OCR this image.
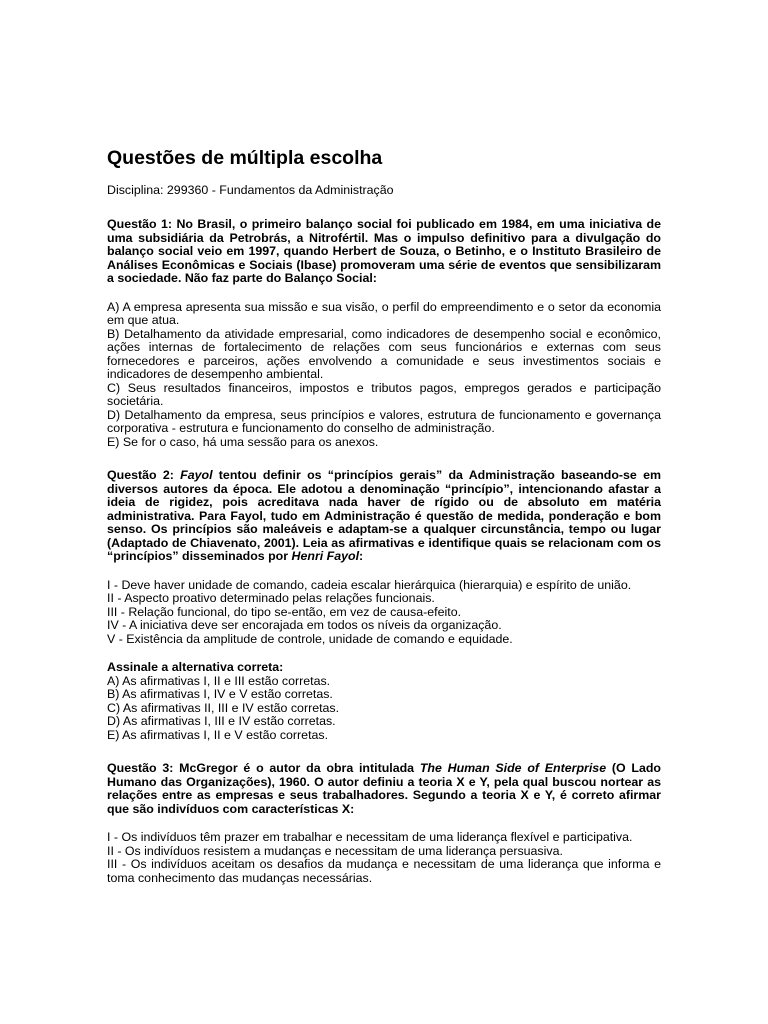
Questões de múltipla escolha

Disciplina: 299360 - Fundamentos da Administração

Questão 1: No Brasil, o primeiro balanço social foi publicado em 1984, em uma iniciativa de uma subsidiária da Petrobrás, a Nitrofértil. Mas o impulso definitivo para a divulgação do balanço social veio em 1997, quando Herbert de Souza, o Betinho, e o Instituto Brasileiro de Análises Econômicas e Sociais (Ibase) promoveram uma série de eventos que sensibilizaram a sociedade. Não faz parte do Balanço Social:

A) A empresa apresenta sua missão e sua visão, o perfil do empreendimento e o setor da economia em que atua.
B) Detalhamento da atividade empresarial, como indicadores de desempenho social e econômico, ações internas de fortalecimento de relações com seus funcionários e externas com seus fornecedores e parceiros, ações envolvendo a comunidade e seus investimentos sociais e indicadores de desempenho ambiental.
C) Seus resultados financeiros, impostos e tributos pagos, empregos gerados e participação societária.
D) Detalhamento da empresa, seus princípios e valores, estrutura de funcionamento e governança corporativa - estrutura e funcionamento do conselho de administração.
E) Se for o caso, há uma sessão para os anexos.

Questão 2: Fayol tentou definir os “princípios gerais” da Administração baseando-se em diversos autores da época. Ele adotou a denominação “princípio”, intencionando afastar a ideia de rigidez, pois acreditava nada haver de rígido ou de absoluto em matéria administrativa. Para Fayol, tudo em Administração é questão de medida, ponderação e bom senso. Os princípios são maleáveis e adaptam-se a qualquer circunstância, tempo ou lugar (Adaptado de Chiavenato, 2001). Leia as afirmativas e identifique quais se relacionam com os “princípios” disseminados por Henri Fayol:

I - Deve haver unidade de comando, cadeia escalar hierárquica (hierarquia) e espírito de união.
II - Aspecto proativo determinado pelas relações funcionais.
III - Relação funcional, do tipo se-então, em vez de causa-efeito.
IV - A iniciativa deve ser encorajada em todos os níveis da organização.
V - Existência da amplitude de controle, unidade de comando e equidade.

Assinale a alternativa correta:

A) As afirmativas I, II e III estão corretas.
B) As afirmativas I, IV e V estão corretas.
C) As afirmativas II, III e IV estão corretas.
D) As afirmativas I, III e IV estão corretas.
E) As afirmativas I, II e V estão corretas.

Questão 3: McGregor é o autor da obra intitulada The Human Side of Enterprise (O Lado Humano das Organizações), 1960. O autor definiu a teoria X e Y, pela qual buscou nortear as relações entre as empresas e seus trabalhadores. Segundo a teoria X e Y, é correto afirmar que são indivíduos com características X:

I - Os indivíduos têm prazer em trabalhar e necessitam de uma liderança flexível e participativa.
II - Os indivíduos resistem a mudanças e necessitam de uma liderança persuasiva.
III - Os indivíduos aceitam os desafios da mudança e necessitam de uma liderança que informa e toma conhecimento das mudanças necessárias.
